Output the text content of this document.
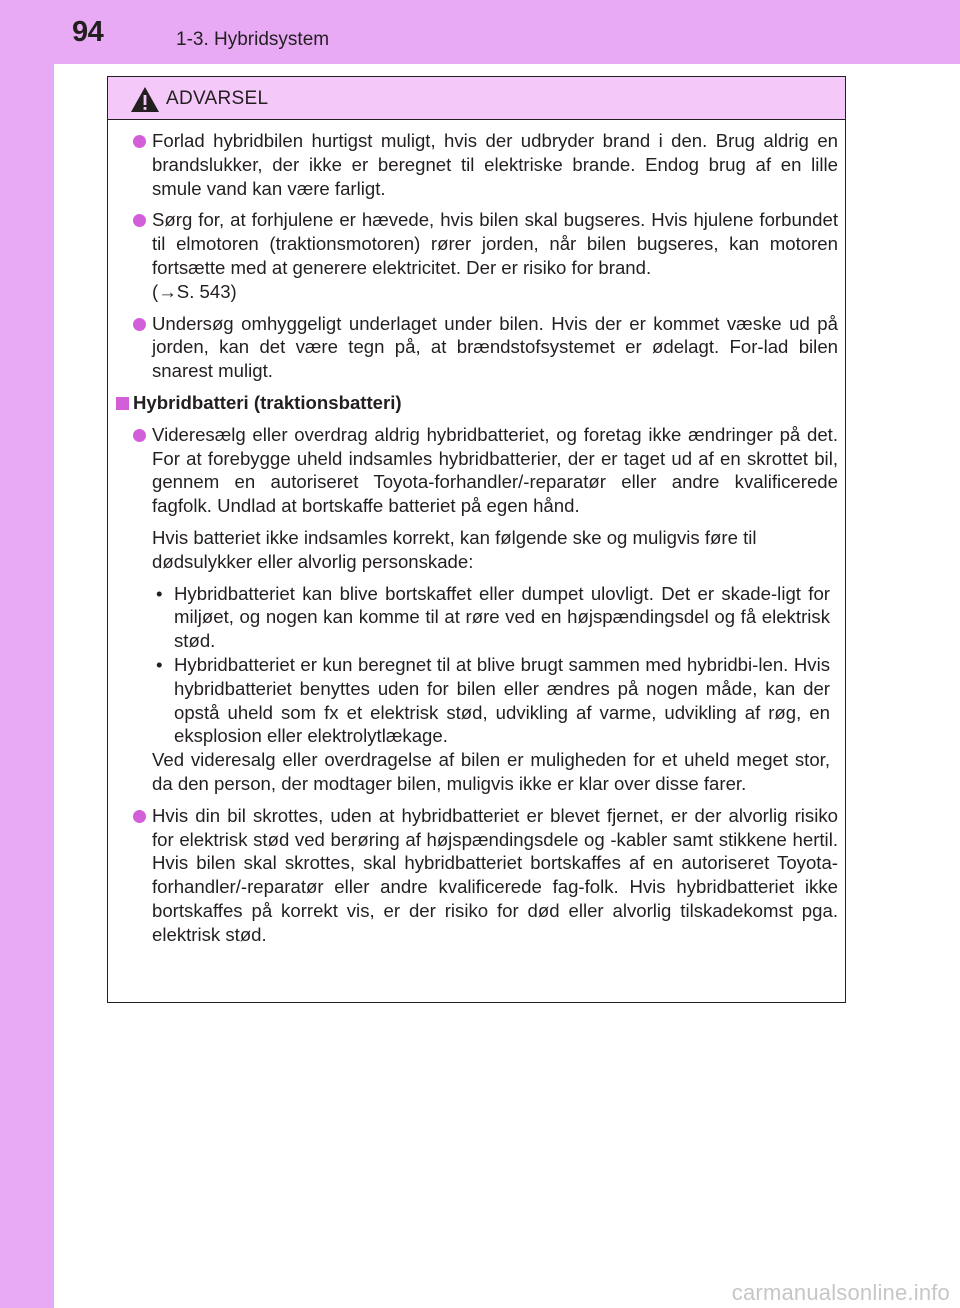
94	1-3. Hybridsystem
ADVARSEL
Forlad hybridbilen hurtigst muligt, hvis der udbryder brand i den. Brug aldrig en brandslukker, der ikke er beregnet til elektriske brande. Endog brug af en lille smule vand kan være farligt.
Sørg for, at forhjulene er hævede, hvis bilen skal bugseres. Hvis hjulene forbundet til elmotoren (traktionsmotoren) rører jorden, når bilen bugseres, kan motoren fortsætte med at generere elektricitet. Der er risiko for brand.
(→S. 543)
Undersøg omhyggeligt underlaget under bilen. Hvis der er kommet væske ud på jorden, kan det være tegn på, at brændstofsystemet er ødelagt. For-lad bilen snarest muligt.
Hybridbatteri (traktionsbatteri)
Videresælg eller overdrag aldrig hybridbatteriet, og foretag ikke ændringer på det. For at forebygge uheld indsamles hybridbatterier, der er taget ud af en skrottet bil, gennem en autoriseret Toyota-forhandler/-reparatør eller andre kvalificerede fagfolk. Undlad at bortskaffe batteriet på egen hånd.
Hvis batteriet ikke indsamles korrekt, kan følgende ske og muligvis føre til dødsulykker eller alvorlig personskade:
• Hybridbatteriet kan blive bortskaffet eller dumpet ulovligt. Det er skade-ligt for miljøet, og nogen kan komme til at røre ved en højspændingsdel og få elektrisk stød.
• Hybridbatteriet er kun beregnet til at blive brugt sammen med hybridbi-len. Hvis hybridbatteriet benyttes uden for bilen eller ændres på nogen måde, kan der opstå uheld som fx et elektrisk stød, udvikling af varme, udvikling af røg, en eksplosion eller elektrolytlækage.
Ved videresalg eller overdragelse af bilen er muligheden for et uheld meget stor, da den person, der modtager bilen, muligvis ikke er klar over disse farer.
Hvis din bil skrottes, uden at hybridbatteriet er blevet fjernet, er der alvorlig risiko for elektrisk stød ved berøring af højspændingsdele og -kabler samt stikkene hertil. Hvis bilen skal skrottes, skal hybridbatteriet bortskaffes af en autoriseret Toyota-forhandler/-reparatør eller andre kvalificerede fag-folk. Hvis hybridbatteriet ikke bortskaffes på korrekt vis, er der risiko for død eller alvorlig tilskadekomst pga. elektrisk stød.
carmanualsonline.info
